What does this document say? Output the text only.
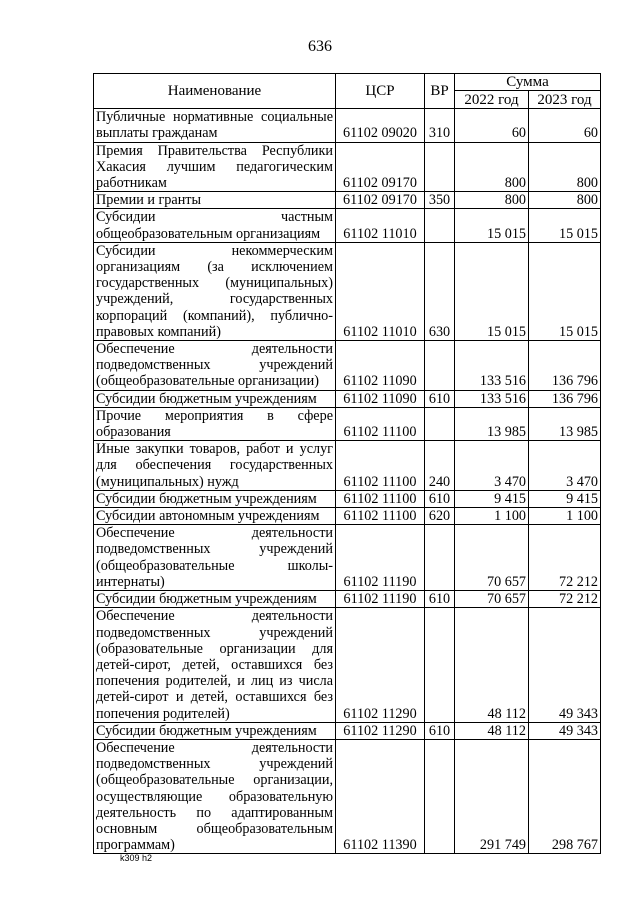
636
Наименование	ЦСР	ВР	Сумма	
			2022 год	2023 год
Публичные нормативные социальные выплаты гражданам	61102 09020	310	60	60
Премия Правительства Республики Хакасия лучшим педагогическим работникам	61102 09170		800	800
Премии и гранты	61102 09170	350	800	800
Субсидии частным общеобразовательным организациям	61102 11010		15 015	15 015
Субсидии некоммерческим организациям (за исключением государственных (муниципальных) учреждений, государственных корпораций (компаний), публично-правовых компаний)	61102 11010	630	15 015	15 015
Обеспечение деятельности подведомственных учреждений (общеобразовательные организации)	61102 11090		133 516	136 796
Субсидии бюджетным учреждениям	61102 11090	610	133 516	136 796
Прочие мероприятия в сфере образования	61102 11100		13 985	13 985
Иные закупки товаров, работ и услуг для обеспечения государственных (муниципальных) нужд	61102 11100	240	3 470	3 470
Субсидии бюджетным учреждениям	61102 11100	610	9 415	9 415
Субсидии автономным учреждениям	61102 11100	620	1 100	1 100
Обеспечение деятельности подведомственных учреждений (общеобразовательные школы-интернаты)	61102 11190		70 657	72 212
Субсидии бюджетным учреждениям	61102 11190	610	70 657	72 212
Обеспечение деятельности подведомственных учреждений (образовательные организации для детей-сирот, детей, оставшихся без попечения родителей, и лиц из числа детей-сирот и детей, оставшихся без попечения родителей)	61102 11290		48 112	49 343
Субсидии бюджетным учреждениям	61102 11290	610	48 112	49 343
Обеспечение деятельности подведомственных учреждений (общеобразовательные организации, осуществляющие образовательную деятельность по адаптированным основным общеобразовательным программам)	61102 11390		291 749	298 767
k309 h2
